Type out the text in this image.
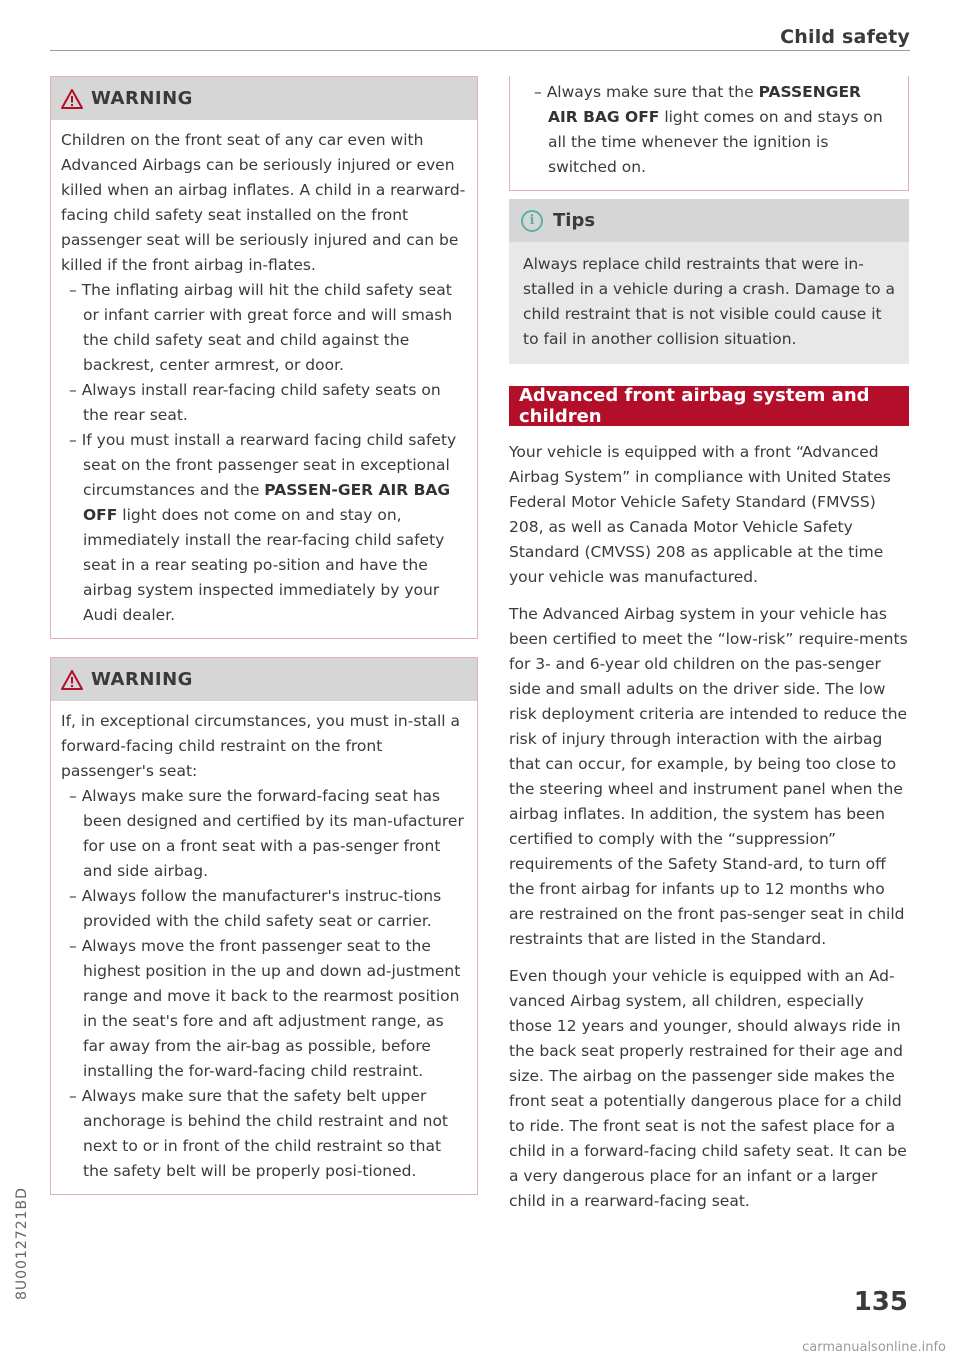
Child safety
WARNING

Children on the front seat of any car even with Advanced Airbags can be seriously injured or even killed when an airbag inflates. A child in a rearward-facing child safety seat installed on the front passenger seat will be seriously injured and can be killed if the front airbag in-flates.

– The inflating airbag will hit the child safety seat or infant carrier with great force and will smash the child safety seat and child against the backrest, center armrest, or door.
– Always install rear-facing child safety seats on the rear seat.
– If you must install a rearward facing child safety seat on the front passenger seat in exceptional circumstances and the PASSEN-GER AIR BAG OFF light does not come on and stay on, immediately install the rear-facing child safety seat in a rear seating po-sition and have the airbag system inspected immediately by your Audi dealer.
WARNING

If, in exceptional circumstances, you must in-stall a forward-facing child restraint on the front passenger's seat:

– Always make sure the forward-facing seat has been designed and certified by its man-ufacturer for use on a front seat with a pas-senger front and side airbag.
– Always follow the manufacturer's instruc-tions provided with the child safety seat or carrier.
– Always move the front passenger seat to the highest position in the up and down ad-justment range and move it back to the rearmost position in the seat's fore and aft adjustment range, as far away from the air-bag as possible, before installing the for-ward-facing child restraint.
– Always make sure that the safety belt upper anchorage is behind the child restraint and not next to or in front of the child restraint so that the safety belt will be properly posi-tioned.
– Always make sure that the PASSENGER AIR BAG OFF light comes on and stays on all the time whenever the ignition is switched on.
i	Tips

Always replace child restraints that were in-stalled in a vehicle during a crash. Damage to a child restraint that is not visible could cause it to fail in another collision situation.

Advanced front airbag system and children
Your vehicle is equipped with a front “Advanced Airbag System” in compliance with United States Federal Motor Vehicle Safety Standard (FMVSS) 208, as well as Canada Motor Vehicle Safety Standard (CMVSS) 208 as applicable at the time your vehicle was manufactured.
The Advanced Airbag system in your vehicle has been certified to meet the “low-risk” require-ments for 3- and 6-year old children on the pas-senger side and small adults on the driver side. The low risk deployment criteria are intended to reduce the risk of injury through interaction with the airbag that can occur, for example, by being too close to the steering wheel and instrument panel when the airbag inflates. In addition, the system has been certified to comply with the “suppression” requirements of the Safety Stand-ard, to turn off the front airbag for infants up to 12 months who are restrained on the front pas-senger seat in child restraints that are listed in the Standard.
Even though your vehicle is equipped with an Ad-vanced Airbag system, all children, especially those 12 years and younger, should always ride in the back seat properly restrained for their age and size. The airbag on the passenger side makes the front seat a potentially dangerous place for a child to ride. The front seat is not the safest place for a child in a forward-facing child safety seat. It can be a very dangerous place for an infant or a larger child in a rearward-facing seat.
135
8U0012721BD
carmanualsonline.info
